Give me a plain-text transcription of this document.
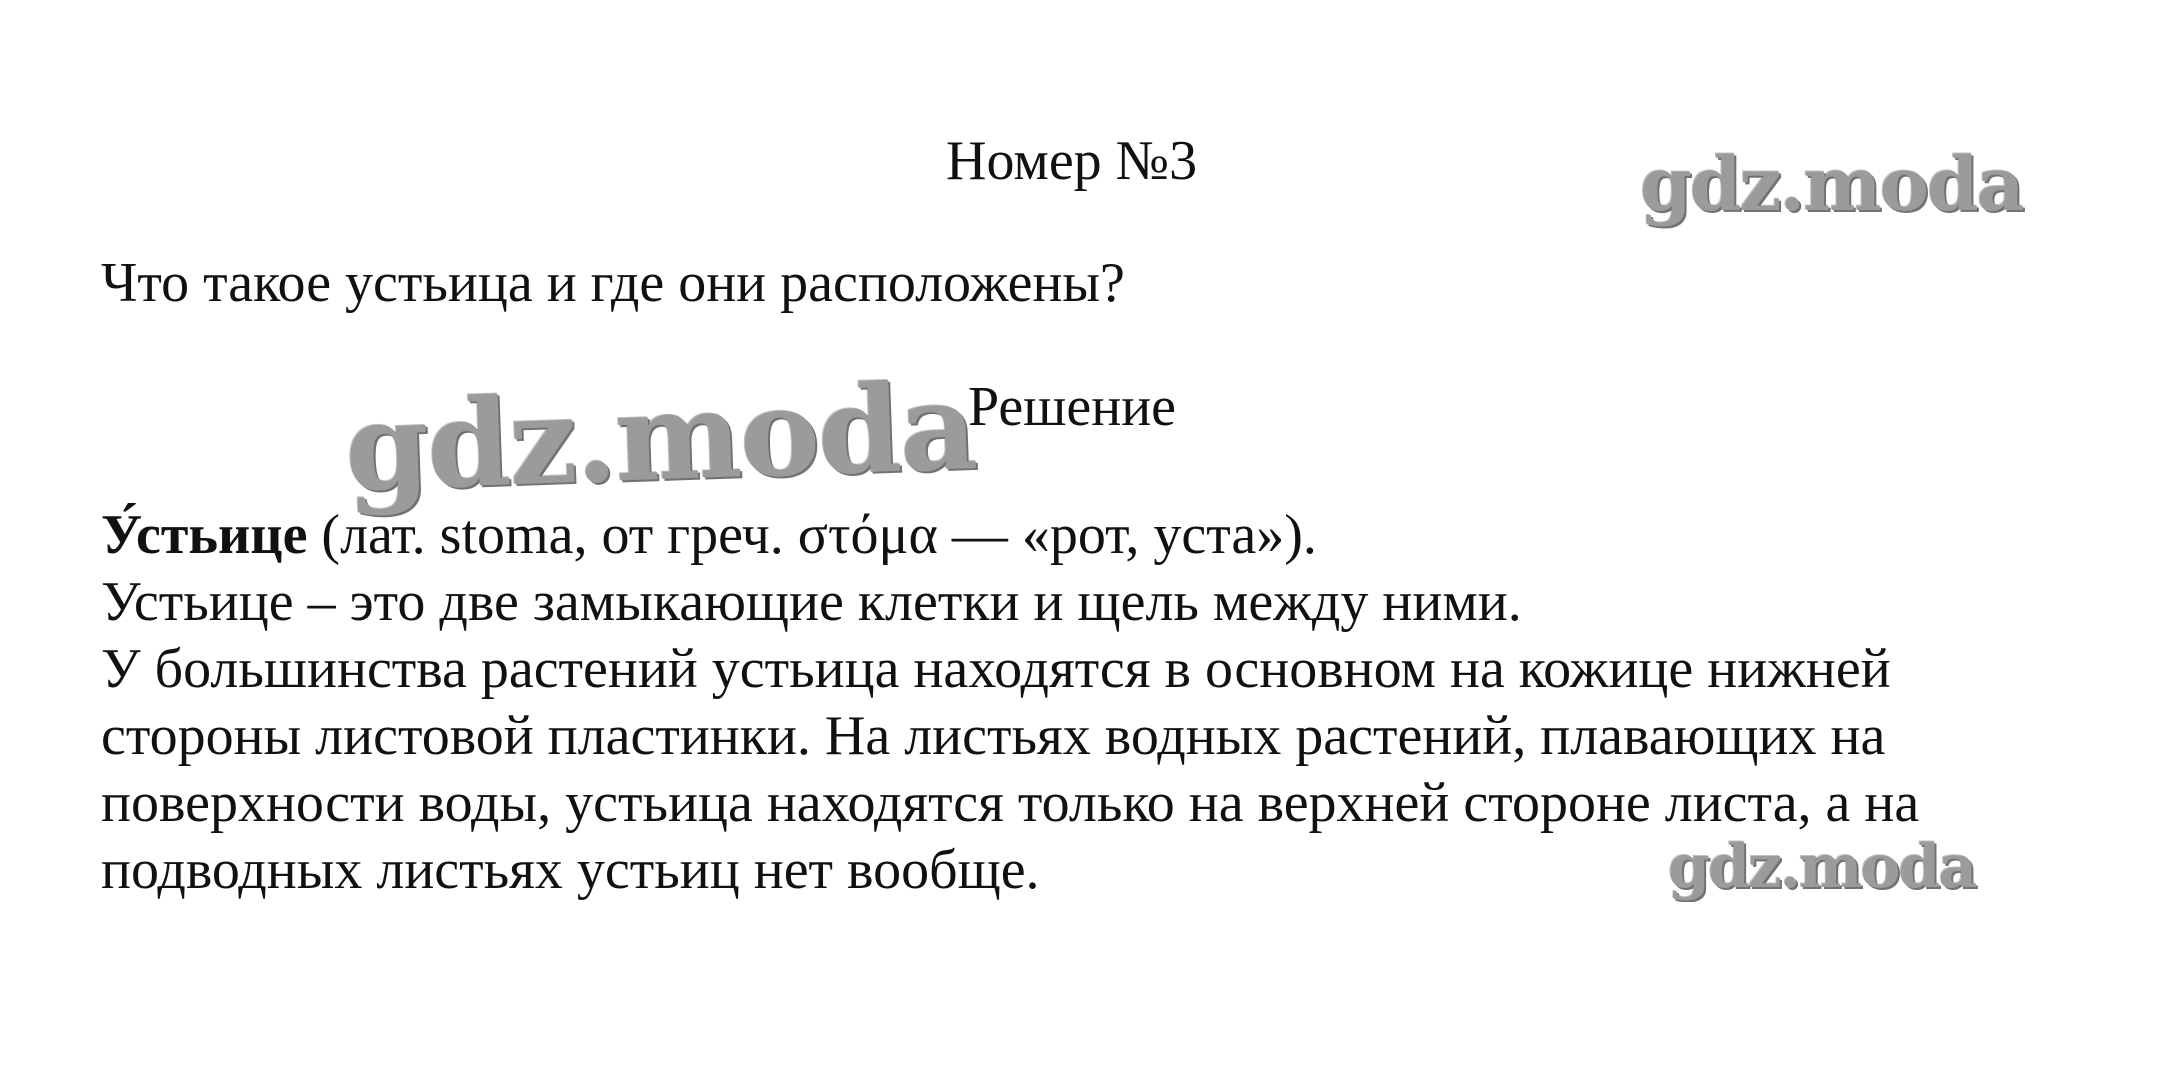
gdz.moda
gdz.moda
gdz.moda
Номер №3
Что такое устьица и где они расположены?
Решение
У́стьице (лат. stoma, от греч. στόμα — «рот, уста»).
Устьице – это две замыкающие клетки и щель между ними.
У большинства растений устьица находятся в основном на кожице нижней
стороны листовой пластинки. На листьях водных растений, плавающих на
поверхности воды, устьица находятся только на верхней стороне листа, а на
подводных листьях устьиц нет вообще.
